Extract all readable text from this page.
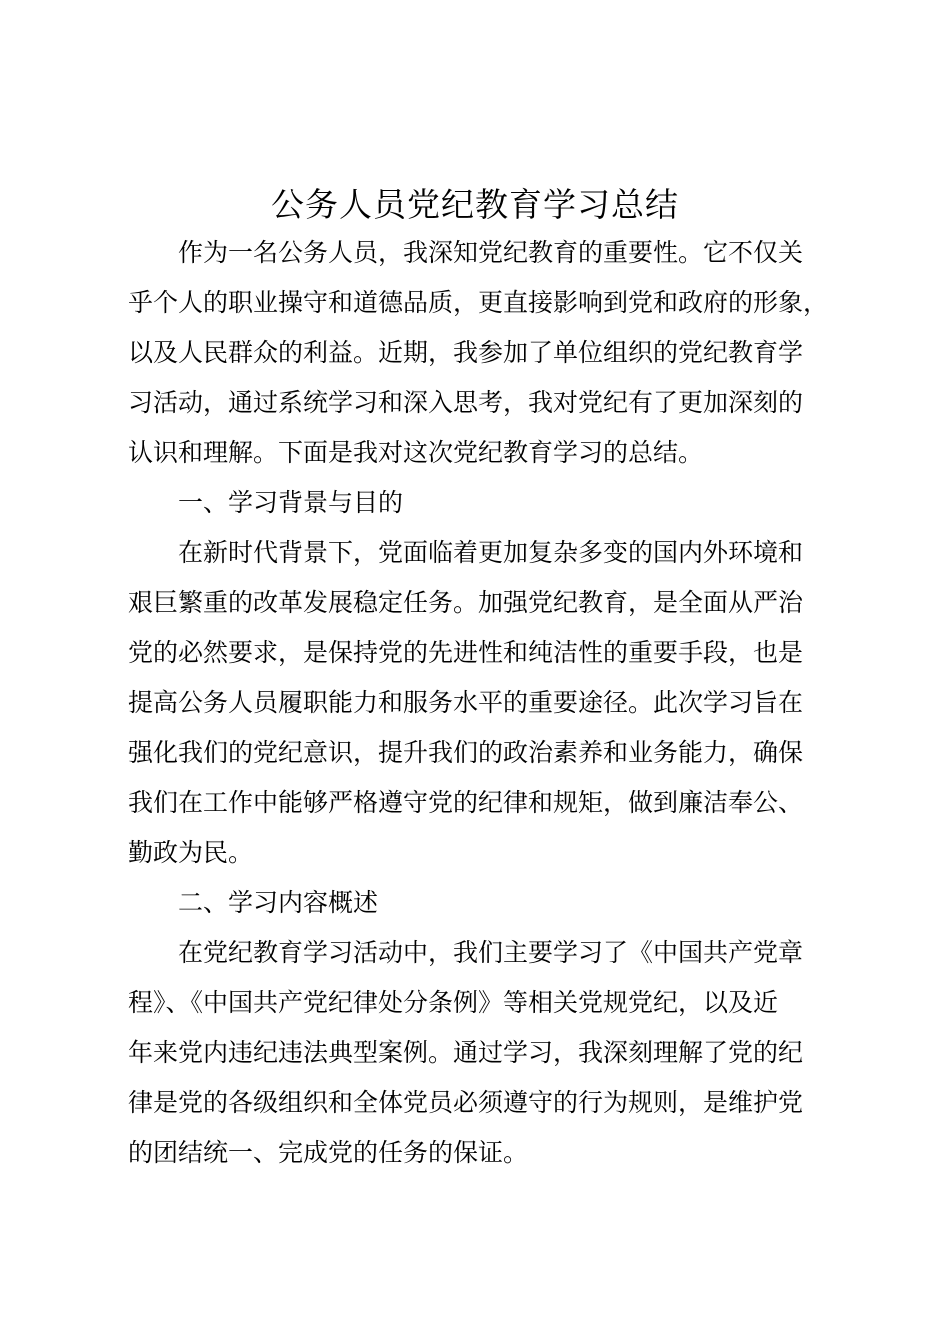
公务人员党纪教育学习总结

作为一名公务人员，我深知党纪教育的重要性。它不仅关

乎个人的职业操守和道德品质，更直接影响到党和政府的形象，

以及人民群众的利益。近期，我参加了单位组织的党纪教育学

习活动，通过系统学习和深入思考，我对党纪有了更加深刻的

认识和理解。下面是我对这次党纪教育学习的总结。

一、学习背景与目的

在新时代背景下，党面临着更加复杂多变的国内外环境和

艰巨繁重的改革发展稳定任务。加强党纪教育，是全面从严治

党的必然要求，是保持党的先进性和纯洁性的重要手段，也是

提高公务人员履职能力和服务水平的重要途径。此次学习旨在

强化我们的党纪意识，提升我们的政治素养和业务能力，确保

我们在工作中能够严格遵守党的纪律和规矩，做到廉洁奉公、

勤政为民。

二、学习内容概述

在党纪教育学习活动中，我们主要学习了《中国共产党章

程》、《中国共产党纪律处分条例》等相关党规党纪，以及近

年来党内违纪违法典型案例。通过学习，我深刻理解了党的纪

律是党的各级组织和全体党员必须遵守的行为规则，是维护党

的团结统一、完成党的任务的保证。
